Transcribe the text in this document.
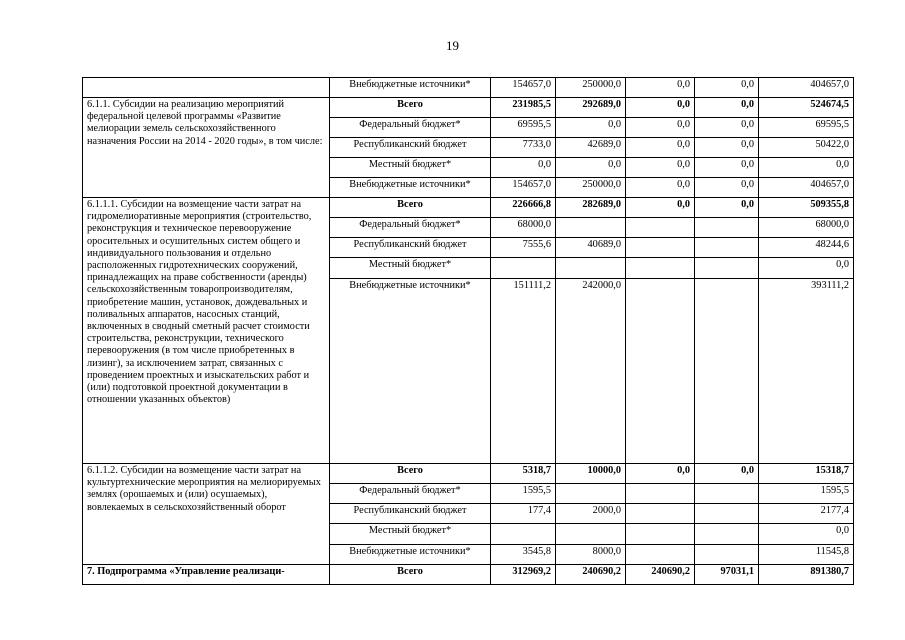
19
	Внебюджетные источники*	154657,0	250000,0	0,0	0,0	404657,0
6.1.1. Субсидии на реализацию мероприятий федеральной целевой программы «Развитие мелиорации земель сельскохозяйственного назначения России на 2014 - 2020 годы», в том числе:	Всего	231985,5	292689,0	0,0	0,0	524674,5
	Федеральный бюджет*	69595,5	0,0	0,0	0,0	69595,5
	Республиканский бюджет	7733,0	42689,0	0,0	0,0	50422,0
	Местный бюджет*	0,0	0,0	0,0	0,0	0,0
	Внебюджетные источники*	154657,0	250000,0	0,0	0,0	404657,0
6.1.1.1. Субсидии на возмещение части затрат на гидромелиоративные мероприятия (строительство, реконструкция и техническое перевооружение оросительных и осушительных систем общего и индивидуального пользования и отдельно расположенных гидротехнических сооружений, принадлежащих на праве собственности (аренды) сельскохозяйственным товаропроизводителям, приобретение машин, установок, дождевальных и поливальных аппаратов, насосных станций, включенных в сводный сметный расчет стоимости строительства, реконструкции, технического перевооружения (в том числе приобретенных в лизинг), за исключением затрат, связанных с проведением проектных и изыскательских работ и (или) подготовкой проектной документации в отношении указанных объектов)	Всего	226666,8	282689,0	0,0	0,0	509355,8
	Федеральный бюджет*	68000,0				68000,0
	Республиканский бюджет	7555,6	40689,0			48244,6
	Местный бюджет*					0,0
	Внебюджетные источники*	151111,2	242000,0			393111,2
6.1.1.2. Субсидии на возмещение части затрат на культуртехнические мероприятия на мелиорируемых землях (орошаемых и (или) осушаемых), вовлекаемых в сельскохозяйственный оборот	Всего	5318,7	10000,0	0,0	0,0	15318,7
	Федеральный бюджет*	1595,5				1595,5
	Республиканский бюджет	177,4	2000,0			2177,4
	Местный бюджет*					0,0
	Внебюджетные источники*	3545,8	8000,0			11545,8
7. Подпрограмма «Управление реализаци-	Всего	312969,2	240690,2	240690,2	97031,1	891380,7
